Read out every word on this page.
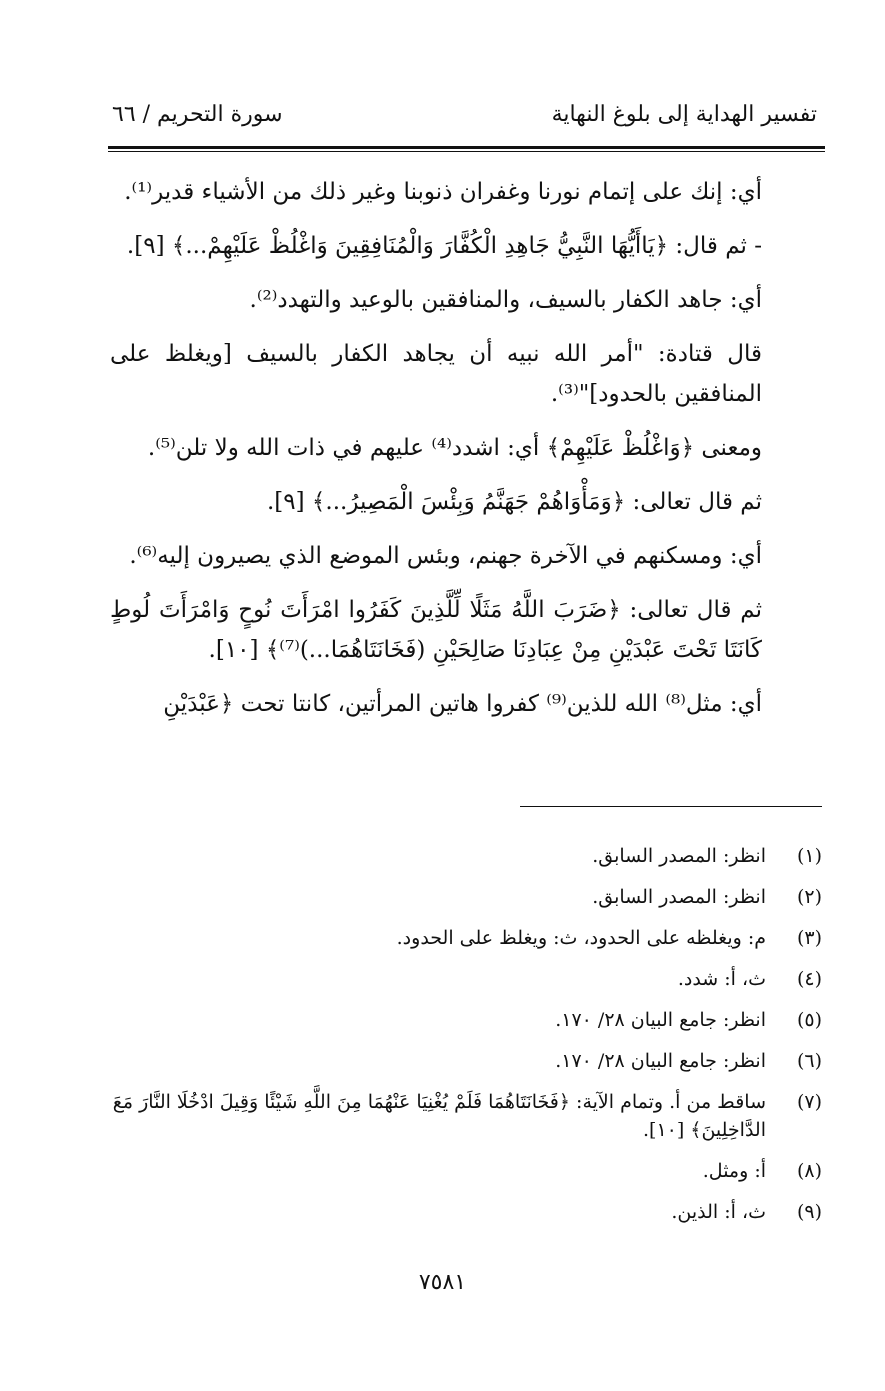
تفسير الهداية إلى بلوغ النهاية
سورة التحريم / ٦٦

أي: إنك على إتمام نورنا وغفران ذنوبنا وغير ذلك من الأشياء قدير⁽¹⁾.

- ثم قال: ﴿يَاأَيُّهَا النَّبِيُّ جَاهِدِ الْكُفَّارَ وَالْمُنَافِقِينَ وَاغْلُظْ عَلَيْهِمْ...﴾ [٩].

أي: جاهد الكفار بالسيف، والمنافقين بالوعيد والتهدد⁽²⁾.

قال قتادة: "أمر الله نبيه أن يجاهد الكفار بالسيف [ويغلظ على المنافقين بالحدود]"⁽³⁾.

ومعنى ﴿وَاغْلُظْ عَلَيْهِمْ﴾ أي: اشدد⁽⁴⁾ عليهم في ذات الله ولا تلن⁽⁵⁾.

ثم قال تعالى: ﴿وَمَأْوَاهُمْ جَهَنَّمُ وَبِئْسَ الْمَصِيرُ...﴾ [٩].

أي: ومسكنهم في الآخرة جهنم، وبئس الموضع الذي يصيرون إليه⁽⁶⁾.

ثم قال تعالى: ﴿ضَرَبَ اللَّهُ مَثَلًا لِّلَّذِينَ كَفَرُوا امْرَأَتَ نُوحٍ وَامْرَأَتَ لُوطٍ كَانَتَا تَحْتَ عَبْدَيْنِ مِنْ عِبَادِنَا صَالِحَيْنِ (فَخَانَتَاهُمَا...)⁽⁷⁾﴾ [١٠].

أي: مثل⁽⁸⁾ الله للذين⁽⁹⁾ كفروا هاتين المرأتين، كانتا تحت ﴿عَبْدَيْنِ

(١)
انظر: المصدر السابق.
(٢)
انظر: المصدر السابق.
(٣)
م: ويغلظه على الحدود، ث: ويغلظ على الحدود.
(٤)
ث، أ: شدد.
(٥)
انظر: جامع البيان ٢٨/ ١٧٠.
(٦)
انظر: جامع البيان ٢٨/ ١٧٠.
(٧)
ساقط من أ. وتمام الآية: ﴿فَخَانَتَاهُمَا فَلَمْ يُغْنِيَا عَنْهُمَا مِنَ اللَّهِ شَيْئًا وَقِيلَ ادْخُلَا النَّارَ مَعَ الدَّاخِلِينَ﴾ [١٠].
(٨)
أ: ومثل.
(٩)
ث، أ: الذين.
٧٥٨١
